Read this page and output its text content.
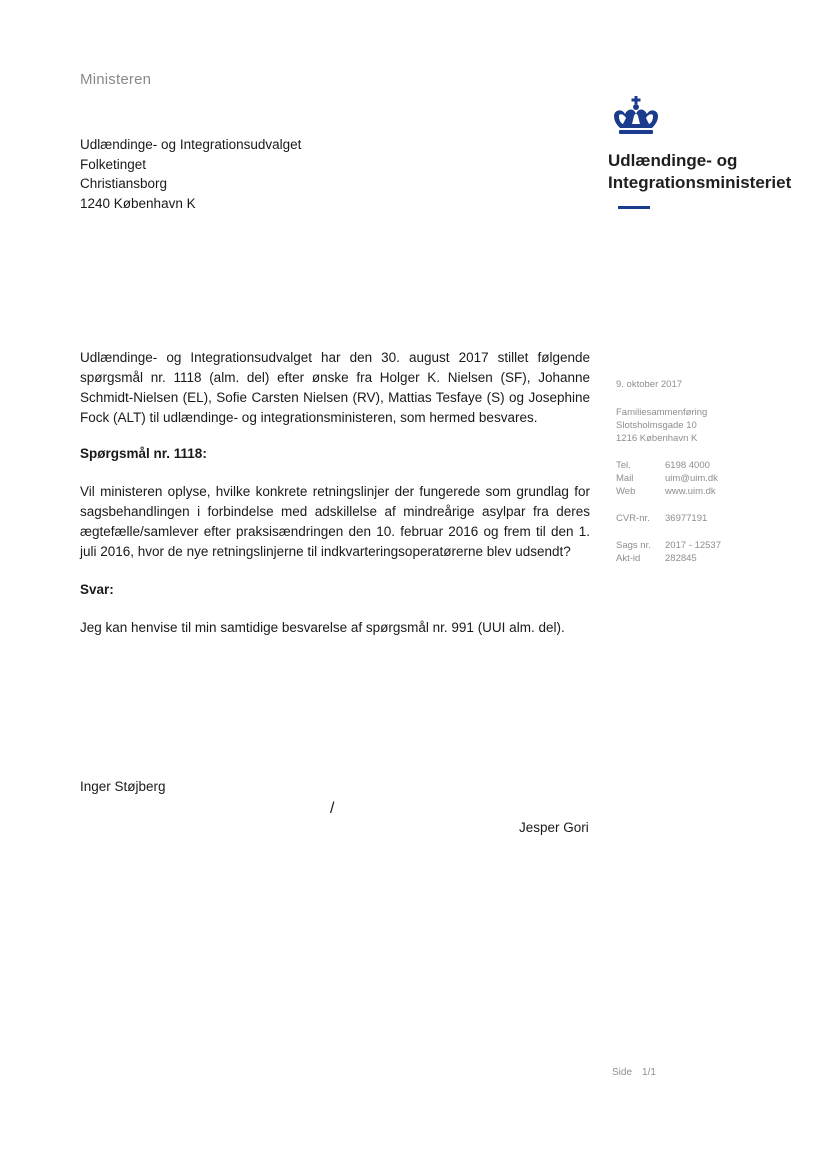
Ministeren
Udlændinge- og Integrationsudvalget
Folketinget
Christiansborg
1240 København K
Udlændinge- og
Integrationsministeriet

Udlændinge- og Integrationsudvalget har den 30. august 2017 stillet følgende spørgsmål nr. 1118 (alm. del) efter ønske fra Holger K. Nielsen (SF), Johanne Schmidt-Nielsen (EL), Sofie Carsten Nielsen (RV), Mattias Tesfaye (S) og Josephine Fock (ALT) til udlændinge- og integrationsministeren, som hermed besvares.

Spørgsmål nr. 1118:

Vil ministeren oplyse, hvilke konkrete retningslinjer der fungerede som grundlag for sagsbehandlingen i forbindelse med adskillelse af mindreårige asylpar fra deres ægtefælle/samlever efter praksisændringen den 10. februar 2016 og frem til den 1. juli 2016, hvor de nye retningslinjerne til indkvarteringsoperatørerne blev udsendt?

Svar:

Jeg kan henvise til min samtidige besvarelse af spørgsmål nr. 991 (UUI alm. del).

9. oktober 2017
Familiesammenføring
Slotsholmsgade 10
1216 København K
Tel.	6198 4000
Mail	uim@uim.dk
Web	www.uim.dk
CVR-nr.	36977191
Sags nr.	2017 - 12537
Akt-id	282845
Inger Støjberg
/
Jesper Gori
Side 1/1
